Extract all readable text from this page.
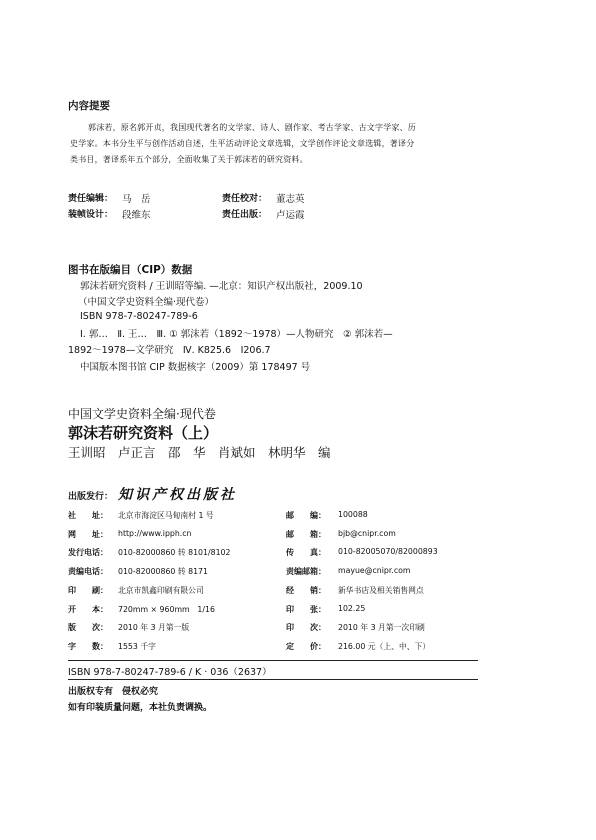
内容提要
郭沫若，原名郭开贞，我国现代著名的文学家、诗人、剧作家、考古学家、古文字学家、历
史学家。本书分生平与创作活动自述，生平活动评论文章选辑，文学创作评论文章选辑，著译分
类书目，著译系年五个部分，全面收集了关于郭沫若的研究资料。
责任编辑： 马　岳	责任校对： 董志英
装帧设计： 段维东	责任出版： 卢运霞
图书在版编目（CIP）数据
郭沫若研究资料 / 王训昭等编. —北京：知识产权出版社，2009.10
（中国文学史资料全编·现代卷）
ISBN 978-7-80247-789-6
Ⅰ. 郭…　Ⅱ. 王…　Ⅲ. ① 郭沫若（1892～1978）—人物研究　② 郭沫若—
1892～1978—文学研究　Ⅳ. K825.6　I206.7
中国版本图书馆 CIP 数据核字（2009）第 178497 号
中国文学史资料全编·现代卷
郭沫若研究资料（上）
王训昭　卢正言　邵　华　肖斌如　林明华　编
出版发行： 知识产权出版社
社　　址： 北京市海淀区马甸南村 1 号
网　　址： http://www.ipph.cn
发行电话： 010-82000860 转 8101/8102
责编电话： 010-82000860 转 8171
印　　刷： 北京市凯鑫印刷有限公司
开　　本： 720mm × 960mm　1/16
版　　次： 2010 年 3 月第一版
字　　数： 1553 千字
邮　　编： 100088
邮　　箱： bjb@cnipr.com
传　　真： 010-82005070/82000893
责编邮箱： mayue@cnipr.com
经　　销： 新华书店及相关销售网点
印　　张： 102.25
印　　次： 2010 年 3 月第一次印刷
定　　价： 216.00 元（上、中、下）
ISBN 978-7-80247-789-6 / K · 036（2637）
出版权专有　侵权必究
如有印装质量问题，本社负责调换。
